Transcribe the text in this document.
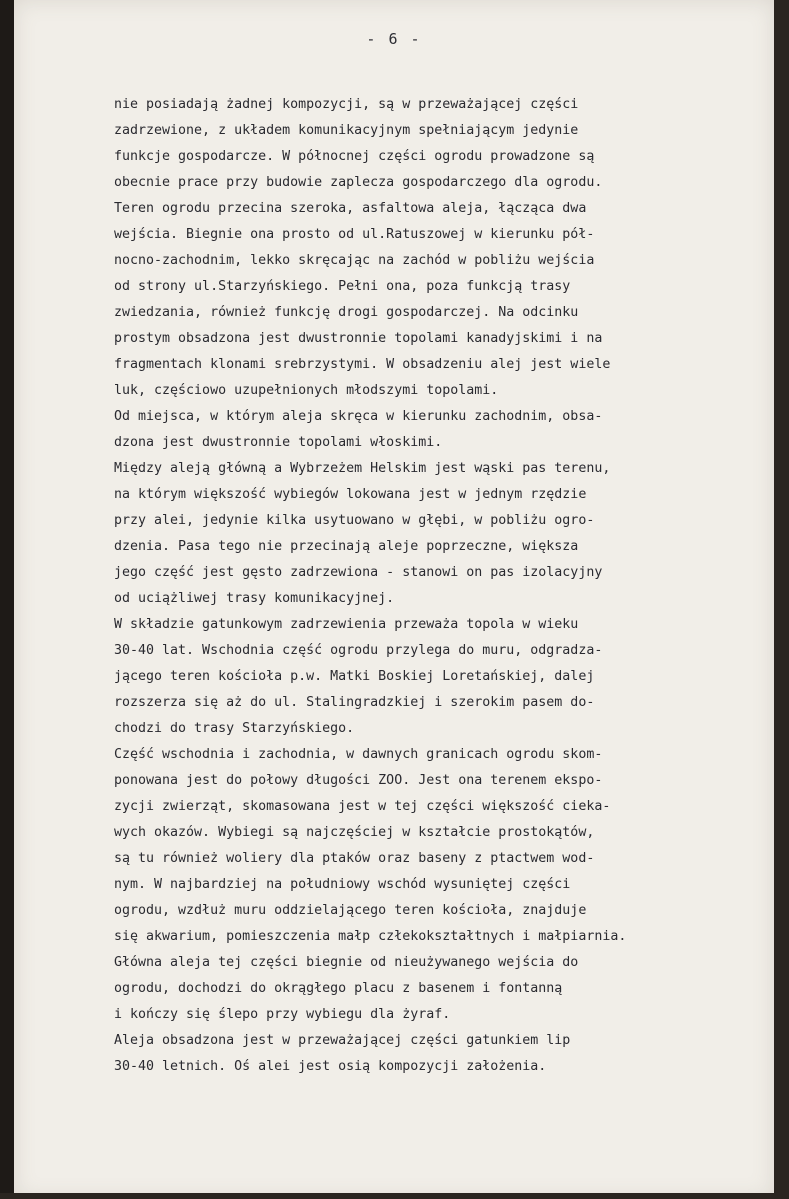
- 6 -
nie posiadają żadnej kompozycji, są w przeważającej części
zadrzewione, z układem komunikacyjnym spełniającym jedynie
funkcje gospodarcze. W północnej części ogrodu prowadzone są
obecnie prace przy budowie zaplecza gospodarczego dla ogrodu.
Teren ogrodu przecina szeroka, asfaltowa aleja, łącząca dwa
wejścia. Biegnie ona prosto od ul.Ratuszowej w kierunku pół-
nocno-zachodnim, lekko skręcając na zachód w pobliżu wejścia
od strony ul.Starzyńskiego. Pełni ona, poza funkcją trasy
zwiedzania, również funkcję drogi gospodarczej. Na odcinku
prostym obsadzona jest dwustronnie topolami kanadyjskimi i na
fragmentach klonami srebrzystymi. W obsadzeniu alej jest wiele
luk, częściowo uzupełnionych młodszymi topolami.
Od miejsca, w którym aleja skręca w kierunku zachodnim, obsa-
dzona jest dwustronnie topolami włoskimi.
Między aleją główną a Wybrzeżem Helskim jest wąski pas terenu,
na którym większość wybiegów lokowana jest w jednym rzędzie
przy alei, jedynie kilka usytuowano w głębi, w pobliżu ogro-
dzenia. Pasa tego nie przecinają aleje poprzeczne, większa
jego część jest gęsto zadrzewiona - stanowi on pas izolacyjny
od uciążliwej trasy komunikacyjnej.
W składzie gatunkowym zadrzewienia przeważa topola w wieku
30-40 lat. Wschodnia część ogrodu przylega do muru, odgradza-
jącego teren kościoła p.w. Matki Boskiej Loretańskiej, dalej
rozszerza się aż do ul. Stalingradzkiej i szerokim pasem do-
chodzi do trasy Starzyńskiego.
Część wschodnia i zachodnia, w dawnych granicach ogrodu skom-
ponowana jest do połowy długości ZOO. Jest ona terenem ekspo-
zycji zwierząt, skomasowana jest w tej części większość cieka-
wych okazów. Wybiegi są najczęściej w kształcie prostokątów,
są tu również woliery dla ptaków oraz baseny z ptactwem wod-
nym. W najbardziej na południowy wschód wysuniętej części
ogrodu, wzdłuż muru oddzielającego teren kościoła, znajduje
się akwarium, pomieszczenia małp człekokształtnych i małpiarnia.
Główna aleja tej części biegnie od nieużywanego wejścia do
ogrodu, dochodzi do okrągłego placu z basenem i fontanną
i kończy się ślepo przy wybiegu dla żyraf.
Aleja obsadzona jest w przeważającej części gatunkiem lip
30-40 letnich. Oś alei jest osią kompozycji założenia.
